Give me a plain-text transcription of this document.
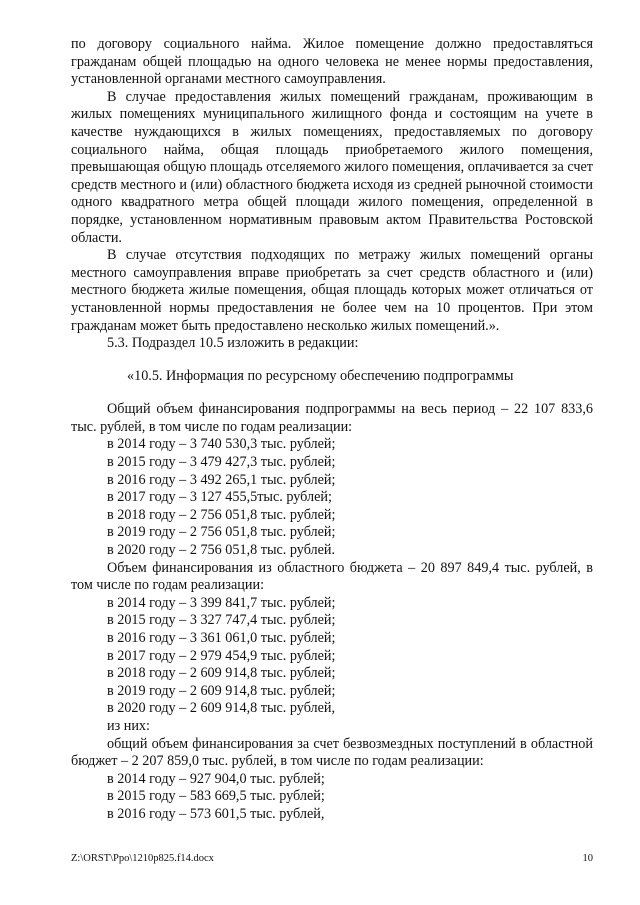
по договору социального найма. Жилое помещение должно предоставляться гражданам общей площадью на одного человека не менее нормы предоставления, установленной органами местного самоуправления.

В случае предоставления жилых помещений гражданам, проживающим в жилых помещениях муниципального жилищного фонда и состоящим на учете в качестве нуждающихся в жилых помещениях, предоставляемых по договору социального найма, общая площадь приобретаемого жилого помещения, превышающая общую площадь отселяемого жилого помещения, оплачивается за счет средств местного и (или) областного бюджета исходя из средней рыночной стоимости одного квадратного метра общей площади жилого помещения, определенной в порядке, установленном нормативным правовым актом Правительства Ростовской области.

В случае отсутствия подходящих по метражу жилых помещений органы местного самоуправления вправе приобретать за счет средств областного и (или) местного бюджета жилые помещения, общая площадь которых может отличаться от установленной нормы предоставления не более чем на 10 процентов. При этом гражданам может быть предоставлено несколько жилых помещений.».

5.3. Подраздел 10.5 изложить в редакции:

«10.5. Информация по ресурсному обеспечению подпрограммы

Общий объем финансирования подпрограммы на весь период – 22 107 833,6 тыс. рублей, в том числе по годам реализации:

в 2014 году – 3 740 530,3 тыс. рублей;

в 2015 году – 3 479 427,3 тыс. рублей;

в 2016 году – 3 492 265,1 тыс. рублей;

в 2017 году – 3 127 455,5тыс. рублей;

в 2018 году – 2 756 051,8 тыс. рублей;

в 2019 году – 2 756 051,8 тыс. рублей;

в 2020 году – 2 756 051,8 тыс. рублей.

Объем финансирования из областного бюджета – 20 897 849,4 тыс. рублей, в том числе по годам реализации:

в 2014 году – 3 399 841,7 тыс. рублей;

в 2015 году – 3 327 747,4 тыс. рублей;

в 2016 году – 3 361 061,0 тыс. рублей;

в 2017 году – 2 979 454,9 тыс. рублей;

в 2018 году – 2 609 914,8 тыс. рублей;

в 2019 году – 2 609 914,8 тыс. рублей;

в 2020 году – 2 609 914,8 тыс. рублей,

из них:

общий объем финансирования за счет безвозмездных поступлений в областной бюджет – 2 207 859,0 тыс. рублей, в том числе по годам реализации:

в 2014 году – 927 904,0 тыс. рублей;

в 2015 году – 583 669,5 тыс. рублей;

в 2016 году – 573 601,5 тыс. рублей,

Z:\ORST\Ppo\1210p825.f14.docx	10
